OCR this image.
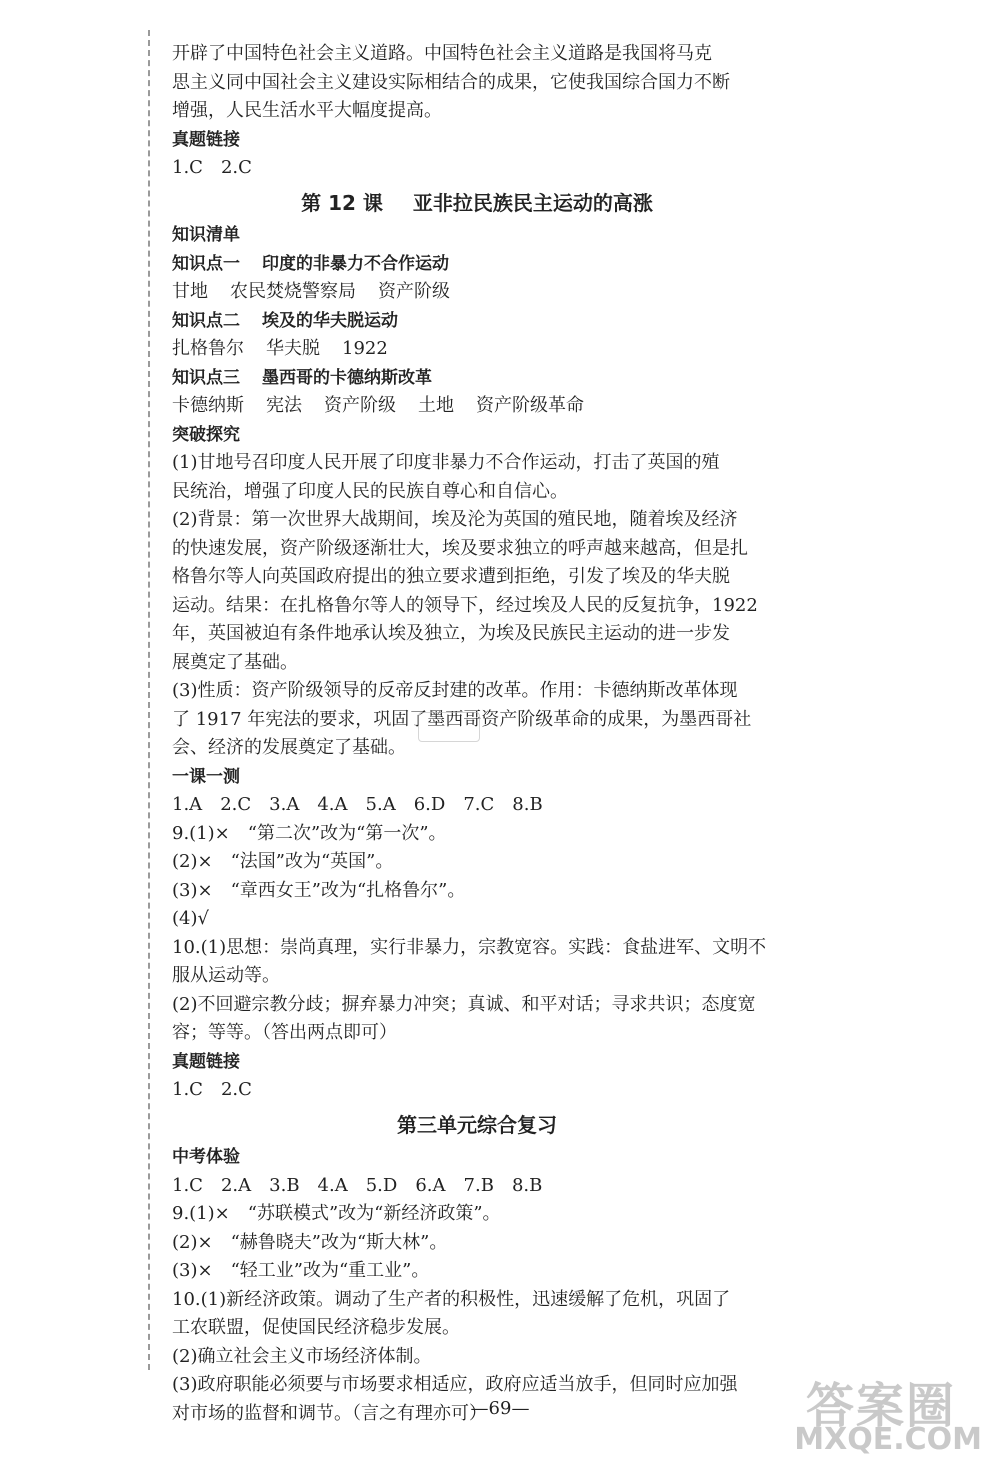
开辟了中国特色社会主义道路。中国特色社会主义道路是我国将马克
思主义同中国社会主义建设实际相结合的成果，它使我国综合国力不断
增强，人民生活水平大幅度提高。
真题链接
1.C 2.C
第 12 课 亚非拉民族民主运动的高涨
知识清单
知识点一 印度的非暴力不合作运动
甘地 农民焚烧警察局 资产阶级
知识点二 埃及的华夫脱运动
扎格鲁尔 华夫脱 1922
知识点三 墨西哥的卡德纳斯改革
卡德纳斯 宪法 资产阶级 土地 资产阶级革命
突破探究
(1)甘地号召印度人民开展了印度非暴力不合作运动，打击了英国的殖
民统治，增强了印度人民的民族自尊心和自信心。
(2)背景：第一次世界大战期间，埃及沦为英国的殖民地，随着埃及经济
的快速发展，资产阶级逐渐壮大，埃及要求独立的呼声越来越高，但是扎
格鲁尔等人向英国政府提出的独立要求遭到拒绝，引发了埃及的华夫脱
运动。结果：在扎格鲁尔等人的领导下，经过埃及人民的反复抗争，1922
年，英国被迫有条件地承认埃及独立，为埃及民族民主运动的进一步发
展奠定了基础。
(3)性质：资产阶级领导的反帝反封建的改革。作用：卡德纳斯改革体现
了 1917 年宪法的要求，巩固了墨西哥资产阶级革命的成果，为墨西哥社
会、经济的发展奠定了基础。
一课一测
1.A 2.C 3.A 4.A 5.A 6.D 7.C 8.B
9.(1)×　“第二次”改为“第一次”。
(2)×　“法国”改为“英国”。
(3)×　“章西女王”改为“扎格鲁尔”。
(4)√
10.(1)思想：崇尚真理，实行非暴力，宗教宽容。实践：食盐进军、文明不
服从运动等。
(2)不回避宗教分歧；摒弃暴力冲突；真诚、和平对话；寻求共识；态度宽
容；等等。（答出两点即可）
真题链接
1.C 2.C
第三单元综合复习
中考体验
1.C 2.A 3.B 4.A 5.D 6.A 7.B 8.B
9.(1)×　“苏联模式”改为“新经济政策”。
(2)×　“赫鲁晓夫”改为“斯大林”。
(3)×　“轻工业”改为“重工业”。
10.(1)新经济政策。调动了生产者的积极性，迅速缓解了危机，巩固了
工农联盟，促使国民经济稳步发展。
(2)确立社会主义市场经济体制。
(3)政府职能必须要与市场要求相适应，政府应适当放手，但同时应加强
对市场的监督和调节。（言之有理亦可）
—69—	答案圈
MXQE.COM
